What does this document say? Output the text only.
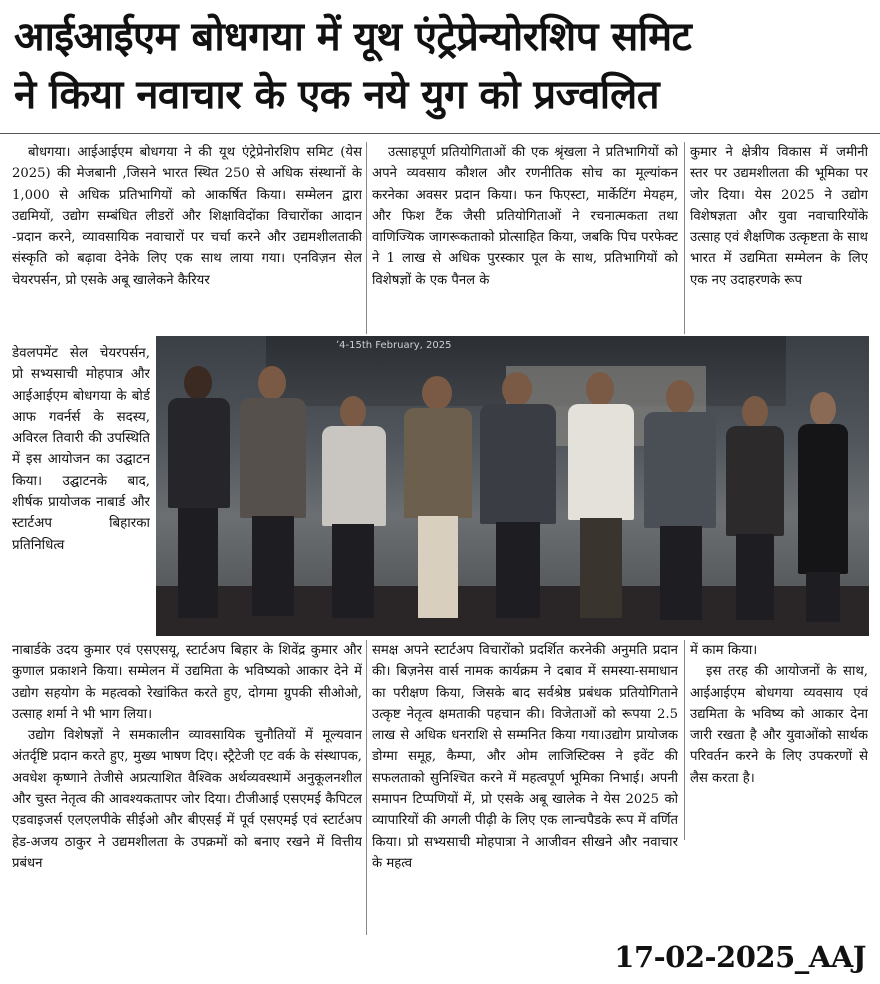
आईआईएम बोधगया में यूथ एंट्रेप्रेन्योरशिप समिट
ने किया नवाचार के एक नये युग को प्रज्वलित

बोधगया। आईआईएम बोधगया ने की यूथ एंट्रेप्रेनोरशिप समिट (येस 2025) की मेजबानी ,जिसने भारत स्थित 250 से अधिक संस्थानों के 1,000 से अधिक प्रतिभागियों को आकर्षित किया। सम्मेलन द्वारा उद्यमियों, उद्योग सम्बंधित लीडरों और शिक्षाविदोंका विचारोंका आदान -प्रदान करने, व्यावसायिक नवाचारों पर चर्चा करने और उद्यमशीलताकी संस्कृति को बढ़ावा देनेके लिए एक साथ लाया गया। एनविज़न सेल चेयरपर्सन, प्रो एसके अबू खालेकने कैरियर

डेवलपमेंट सेल चेयरपर्सन, प्रो सभ्यसाची मोहपात्र और आईआईएम बोधगया के बोर्ड आफ गवर्नर्स के सदस्य, अविरल तिवारी की उपस्थिति में इस आयोजन का उद्घाटन किया। उद्घाटनके बाद, शीर्षक प्रायोजक नाबार्ड और स्टार्टअप बिहारका प्रतिनिधित्व

नाबार्डके उदय कुमार एवं एसएसयू, स्टार्टअप बिहार के शिवेंद्र कुमार और कुणाल प्रकाशने किया। सम्मेलन में उद्यमिता के भविष्यको आकार देने में उद्योग सहयोग के महत्वको रेखांकित करते हुए, दोगमा ग्रुपकी सीओओ, उत्साह शर्मा ने भी भाग लिया।

उद्योग विशेषज्ञों ने समकालीन व्यावसायिक चुनौतियों में मूल्यवान अंतर्दृष्टि प्रदान करते हुए, मुख्य भाषण दिए। स्ट्रैटेजी एट वर्क के संस्थापक, अवधेश कृष्णाने तेजीसे अप्रत्याशित वैश्विक अर्थव्यवस्थामें अनुकूलनशील और चुस्त नेतृत्व की आवश्यकतापर जोर दिया। टीजीआई एसएमई कैपिटल एडवाइजर्स एलएलपीके सीईओ और बीएसई में पूर्व एसएमई एवं स्टार्टअप हेड-अजय ठाकुर ने उद्यमशीलता के उपक्रमों को बनाए रखने में वित्तीय प्रबंधन

उत्साहपूर्ण प्रतियोगिताओं की एक श्रृंखला ने प्रतिभागियों को अपने व्यवसाय कौशल और रणनीतिक सोच का मूल्यांकन करनेका अवसर प्रदान किया। फन फिएस्टा, मार्केटिंग मेयहम, और फिश टैंक जैसी प्रतियोगिताओं ने रचनात्मकता तथा वाणिज्यिक जागरूकताको प्रोत्साहित किया, जबकि पिच परफेक्ट ने 1 लाख से अधिक पुरस्कार पूल के साथ, प्रतिभागियों को विशेषज्ञों के एक पैनल के

समक्ष अपने स्टार्टअप विचारोंको प्रदर्शित करनेकी अनुमति प्रदान की। बिज़नेस वार्स नामक कार्यक्रम ने दबाव में समस्या-समाधान का परीक्षण किया, जिसके बाद सर्वश्रेष्ठ प्रबंधक प्रतियोगिताने उत्कृष्ट नेतृत्व क्षमताकी पहचान की। विजेताओं को रूपया 2.5 लाख से अधिक धनराशि से सम्मनित किया गया।उद्योग प्रायोजक डोग्मा समूह, कैम्पा, और ओम लाजिस्टिक्स ने इवेंट की सफलताको सुनिश्चित करने में महत्वपूर्ण भूमिका निभाई। अपनी समापन टिप्पणियों में, प्रो एसके अबू खालेक ने येस 2025 को व्यापारियों की अगली पीढ़ी के लिए एक लान्चपैडके रूप में वर्णित किया। प्रो सभ्यसाची मोहपात्रा ने आजीवन सीखने और नवाचार के महत्व

कुमार ने क्षेत्रीय विकास में जमीनी स्तर पर उद्यमशीलता की भूमिका पर जोर दिया। येस 2025 ने उद्योग विशेषज्ञता और युवा नवाचारियोंके उत्साह एवं शैक्षणिक उत्कृष्टता के साथ भारत में उद्यमिता सम्मेलन के लिए एक नए उदाहरणके रूप

में काम किया।

इस तरह की आयोजनों के साथ, आईआईएम बोधगया व्यवसाय एवं उद्यमिता के भविष्य को आकार देना जारी रखता है और युवाओंको सार्थक परिवर्तन करने के लिए उपकरणों से लैस करता है।

ʼ4-15th February, 2025
17-02-2025_AAJ
